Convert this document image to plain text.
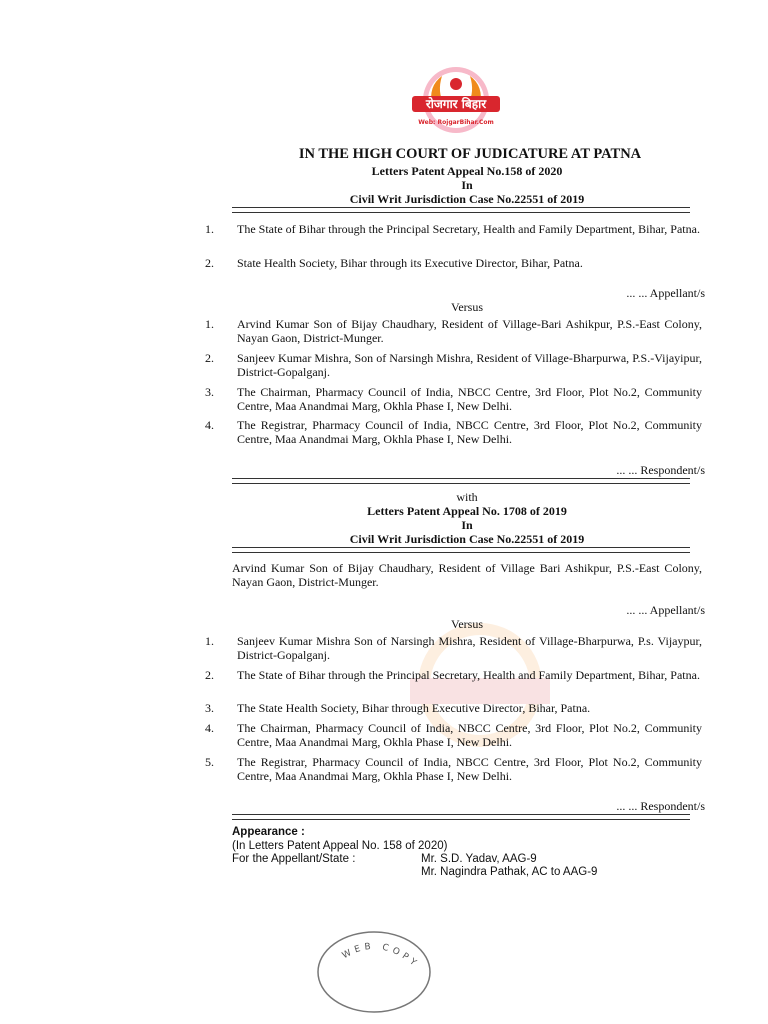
रोजगार बिहार
Web: RojgarBihar.Com
IN THE HIGH COURT OF JUDICATURE AT PATNA
Letters Patent Appeal No.158 of 2020
In
Civil Writ Jurisdiction Case No.22551 of 2019
1. The State of Bihar through the Principal Secretary, Health and Family Department, Bihar, Patna.
2. State Health Society, Bihar through its Executive Director, Bihar, Patna.
... ... Appellant/s
Versus
1. Arvind Kumar Son of Bijay Chaudhary, Resident of Village-Bari Ashikpur, P.S.-East Colony, Nayan Gaon, District-Munger.
2. Sanjeev Kumar Mishra, Son of Narsingh Mishra, Resident of Village-Bharpurwa, P.S.-Vijayipur, District-Gopalganj.
3. The Chairman, Pharmacy Council of India, NBCC Centre, 3rd Floor, Plot No.2, Community Centre, Maa Anandmai Marg, Okhla Phase I, New Delhi.
4. The Registrar, Pharmacy Council of India, NBCC Centre, 3rd Floor, Plot No.2, Community Centre, Maa Anandmai Marg, Okhla Phase I, New Delhi.
... ... Respondent/s
with
Letters Patent Appeal No. 1708 of 2019
In
Civil Writ Jurisdiction Case No.22551 of 2019
Arvind Kumar Son of Bijay Chaudhary, Resident of Village Bari Ashikpur, P.S.-East Colony, Nayan Gaon, District-Munger.
... ... Appellant/s
Versus
1. Sanjeev Kumar Mishra Son of Narsingh Mishra, Resident of Village-Bharpurwa, P.s. Vijaypur, District-Gopalganj.
2. The State of Bihar through the Principal Secretary, Health and Family Department, Bihar, Patna.
3. The State Health Society, Bihar through Executive Director, Bihar, Patna.
4. The Chairman, Pharmacy Council of India, NBCC Centre, 3rd Floor, Plot No.2, Community Centre, Maa Anandmai Marg, Okhla Phase I, New Delhi.
5. The Registrar, Pharmacy Council of India, NBCC Centre, 3rd Floor, Plot No.2, Community Centre, Maa Anandmai Marg, Okhla Phase I, New Delhi.
... ... Respondent/s
Appearance :
(In Letters Patent Appeal No. 158 of 2020)
For the Appellant/State :	Mr. S.D. Yadav, AAG-9
Mr. Nagindra Pathak, AC to AAG-9
WEB COPY
